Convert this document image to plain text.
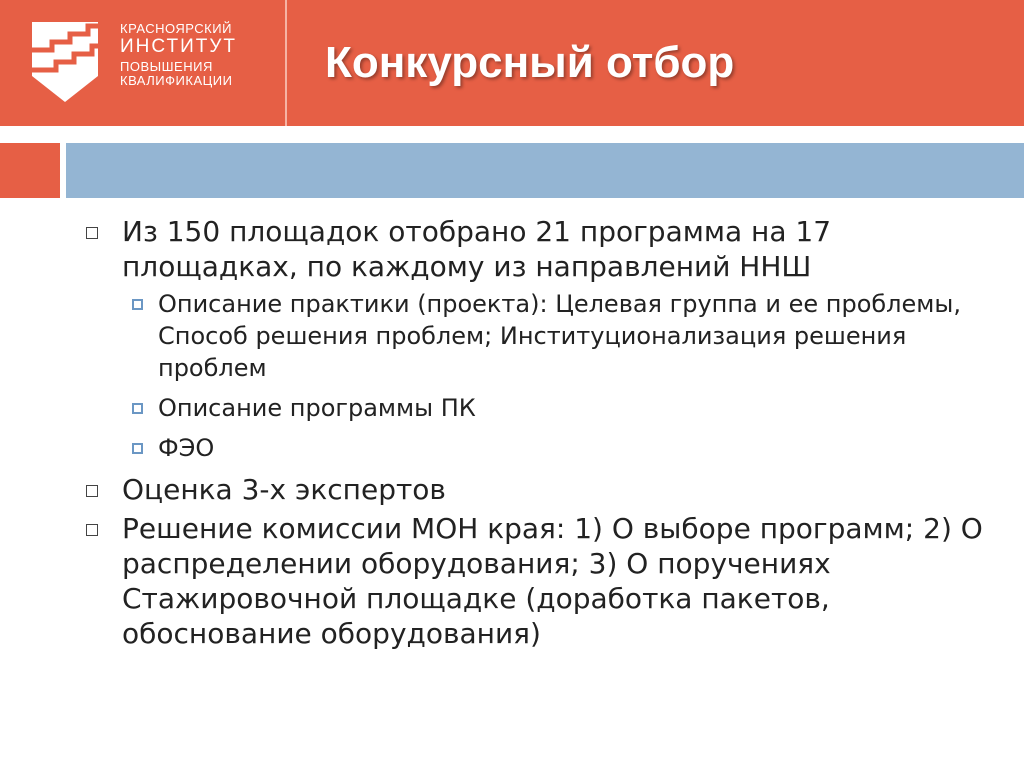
КРАСНОЯРСКИЙ
ИНСТИТУТ
ПОВЫШЕНИЯ
КВАЛИФИКАЦИИ Конкурсный отбор
Из 150 площадок отобрано 21 программа на 17 площадках, по каждому из направлений ННШ
Описание практики (проекта): Целевая группа и ее проблемы, Способ решения проблем; Институционализация решения проблем
Описание программы ПК
ФЭО
Оценка 3-х экспертов
Решение комиссии МОН края: 1) О выборе программ; 2) О распределении оборудования; 3) О поручениях Стажировочной площадке (доработка пакетов, обоснование оборудования)
